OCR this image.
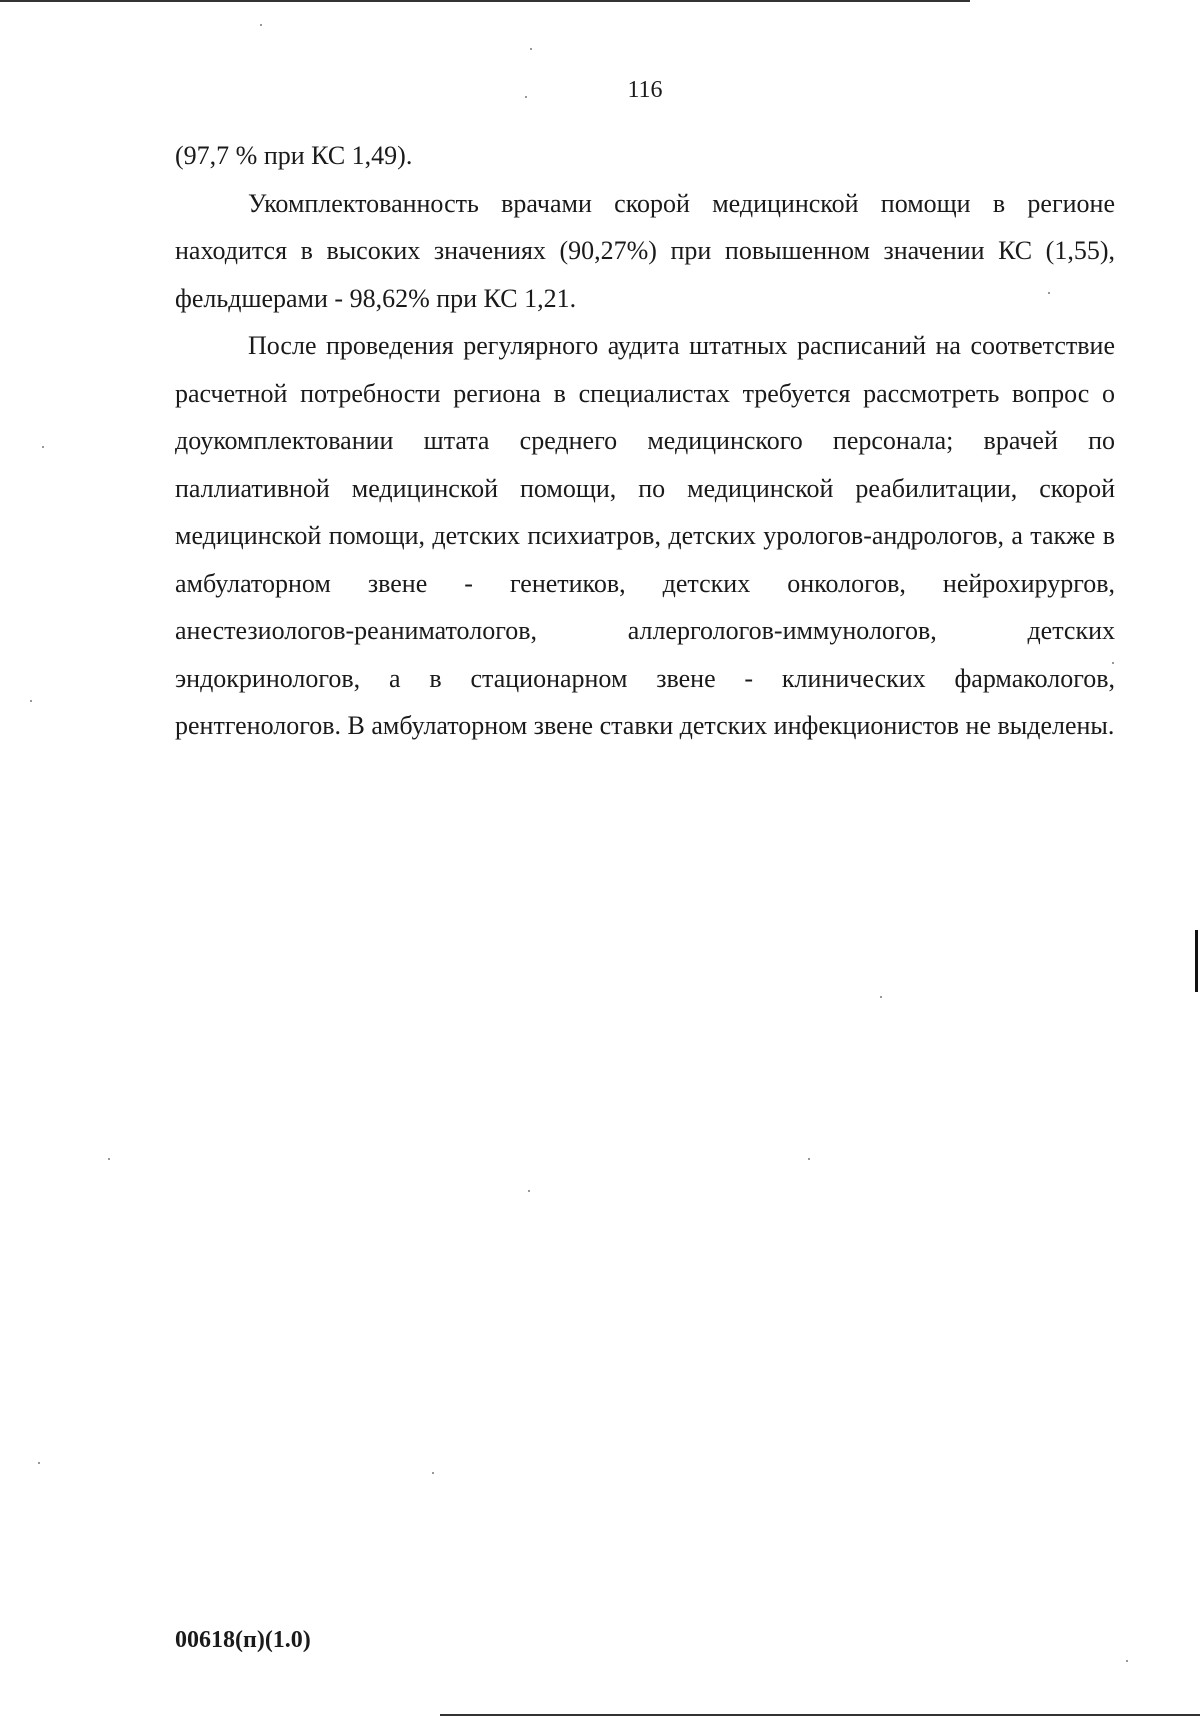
116

(97,7 % при КС 1,49).

Укомплектованность врачами скорой медицинской помощи в регионе находится в высоких значениях (90,27%) при повышенном значении КС (1,55), фельдшерами - 98,62% при КС 1,21.

После проведения регулярного аудита штатных расписаний на соответствие расчетной потребности региона в специалистах требуется рассмотреть вопрос о доукомплектовании штата среднего медицинского персонала; врачей по паллиативной медицинской помощи, по медицинской реабилитации, скорой медицинской помощи, детских психиатров, детских урологов-андрологов, а также в амбулаторном звене - генетиков, детских онкологов, нейрохирургов, анестезиологов-реаниматологов, аллергологов-иммунологов, детских эндокринологов, а в стационарном звене - клинических фармакологов, рентгенологов. В амбулаторном звене ставки детских инфекционистов не выделены.

00618(п)(1.0)
